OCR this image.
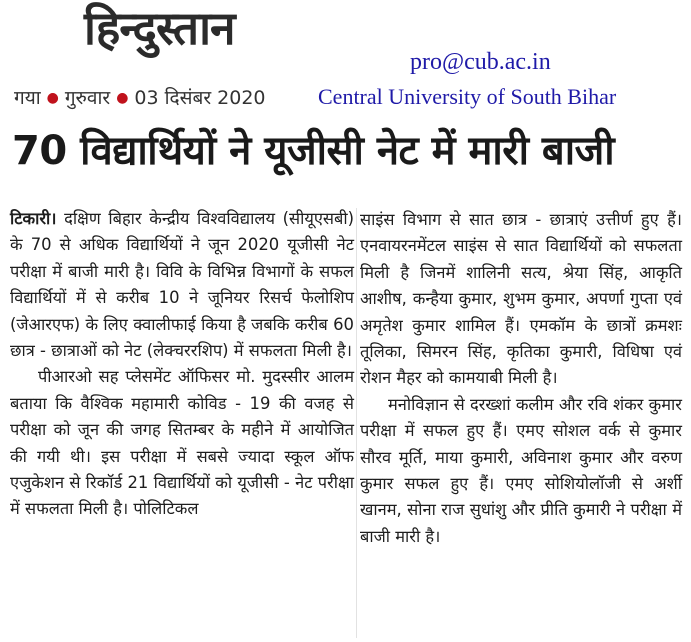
हिन्दुस्तान
गया ● गुरुवार ● 03 दिसंबर 2020
pro@cub.ac.in
Central University of South Bihar
70 विद्यार्थियों ने यूजीसी नेट में मारी बाजी

टिकारी। दक्षिण बिहार केन्द्रीय विश्वविद्यालय (सीयूएसबी) के 70 से अधिक विद्यार्थियों ने जून 2020 यूजीसी नेट परीक्षा में बाजी मारी है। विवि के विभिन्न विभागों के सफल विद्यार्थियों में से करीब 10 ने जूनियर रिसर्च फेलोशिप (जेआरएफ) के लिए क्वालीफाई किया है जबकि करीब 60 छात्र - छात्राओं को नेट (लेक्चररशिप) में सफलता मिली है।

पीआरओ सह प्लेसमेंट ऑफिसर मो. मुदस्सीर आलम बताया कि वैश्विक महामारी कोविड - 19 की वजह से परीक्षा को जून की जगह सितम्बर के महीने में आयोजित की गयी थी। इस परीक्षा में सबसे ज्यादा स्कूल ऑफ एजुकेशन से रिकॉर्ड 21 विद्यार्थियों को यूजीसी - नेट परीक्षा में सफलता मिली है। पोलिटिकल

साइंस विभाग से सात छात्र - छात्राएं उत्तीर्ण हुए हैं। एनवायरनमेंटल साइंस से सात विद्यार्थियों को सफलता मिली है जिनमें शालिनी सत्य, श्रेया सिंह, आकृति आशीष, कन्हैया कुमार, शुभम कुमार, अपर्णा गुप्ता एवं अमृतेश कुमार शामिल हैं। एमकॉम के छात्रों क्रमशः तूलिका, सिमरन सिंह, कृतिका कुमारी, विधिषा एवं रोशन मैहर को कामयाबी मिली है।

मनोविज्ञान से दरख्शां कलीम और रवि शंकर कुमार परीक्षा में सफल हुए हैं। एमए सोशल वर्क से कुमार सौरव मूर्ति, माया कुमारी, अविनाश कुमार और वरुण कुमार सफल हुए हैं। एमए सोशियोलॉजी से अर्शी खानम, सोना राज सुधांशु और प्रीति कुमारी ने परीक्षा में बाजी मारी है।
